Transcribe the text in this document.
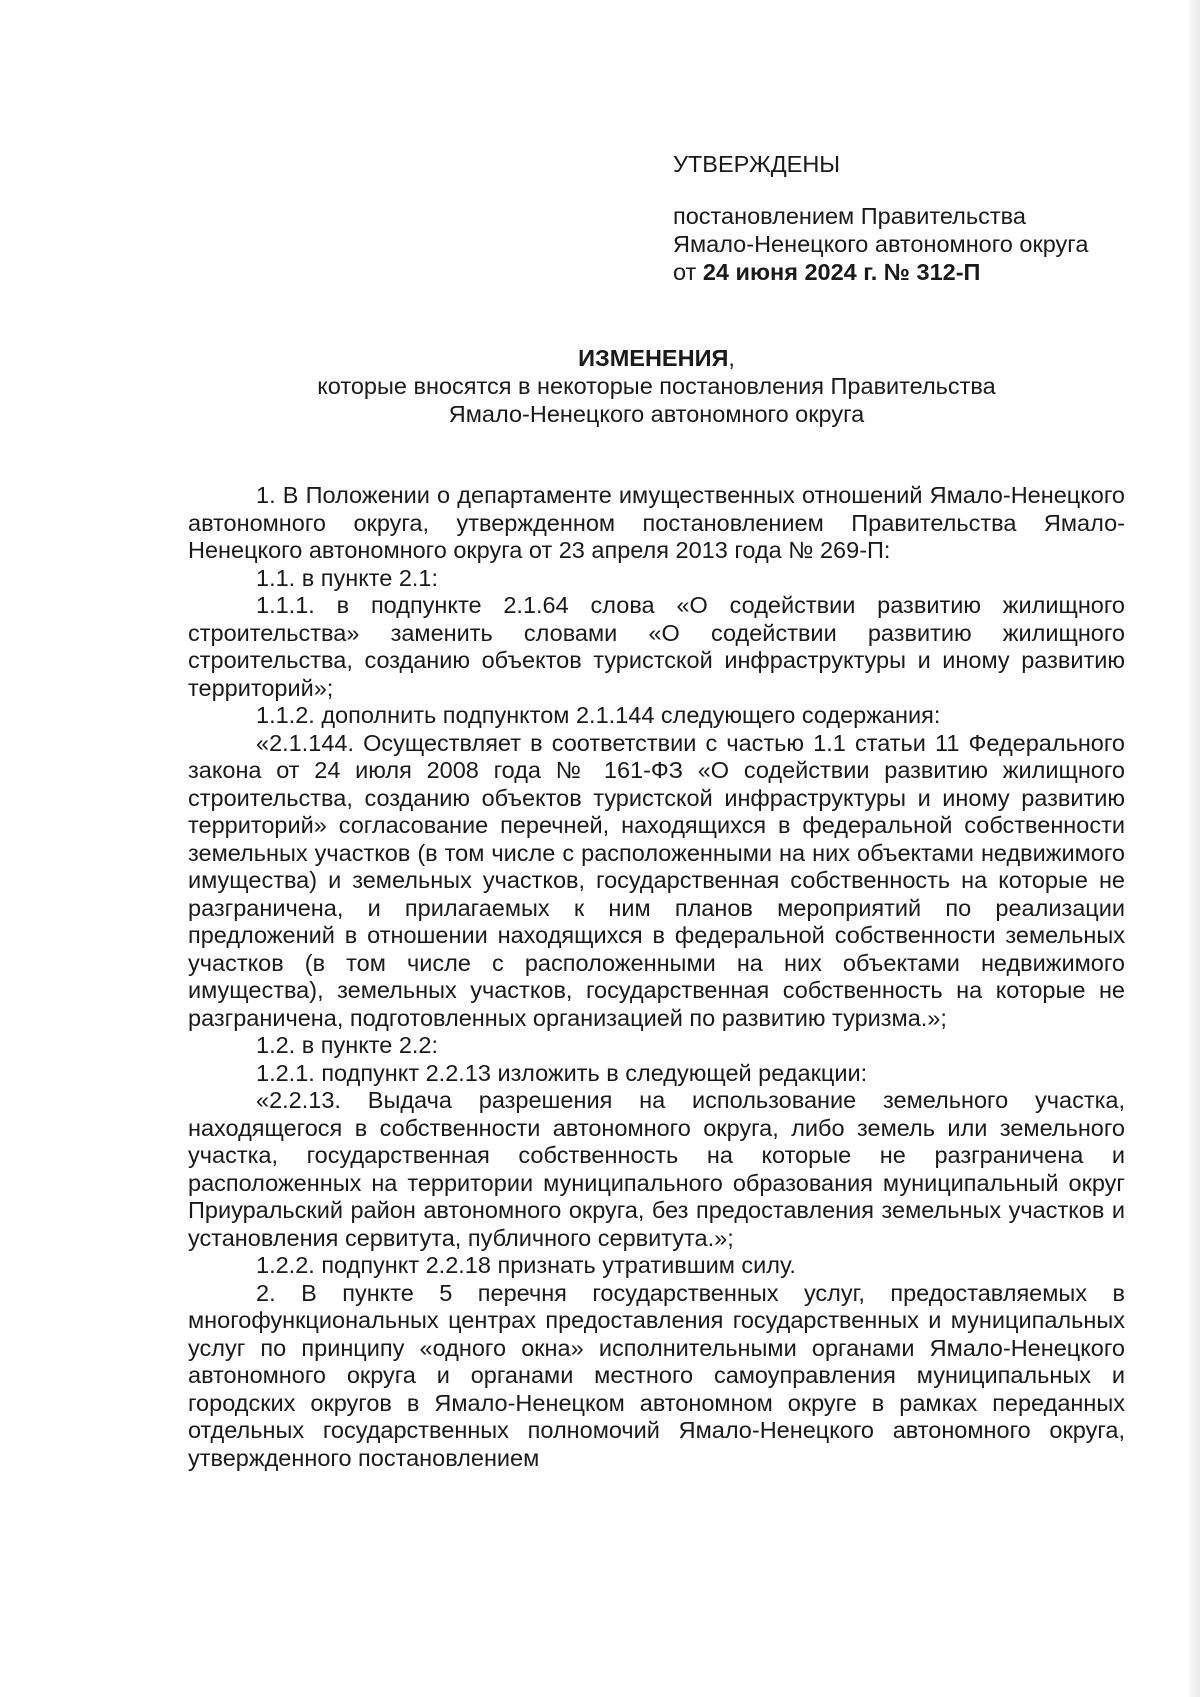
УТВЕРЖДЕНЫ
постановлением Правительства
Ямало-Ненецкого автономного округа
от 24 июня 2024 г. № 312-П
ИЗМЕНЕНИЯ,
которые вносятся в некоторые постановления Правительства
Ямало-Ненецкого автономного округа

1. В Положении о департаменте имущественных отношений Ямало-Ненецкого автономного округа, утвержденном постановлением Правительства Ямало-Ненецкого автономного округа от 23 апреля 2013 года № 269-П:

1.1. в пункте 2.1:

1.1.1. в подпункте 2.1.64 слова «О содействии развитию жилищного строительства» заменить словами «О содействии развитию жилищного строительства, созданию объектов туристской инфраструктуры и иному развитию территорий»;

1.1.2. дополнить подпунктом 2.1.144 следующего содержания:

«2.1.144. Осуществляет в соответствии с частью 1.1 статьи 11 Федерального закона от 24 июля 2008 года № 161-ФЗ «О содействии развитию жилищного строительства, созданию объектов туристской инфраструктуры и иному развитию территорий» согласование перечней, находящихся в федеральной собственности земельных участков (в том числе с расположенными на них объектами недвижимого имущества) и земельных участков, государственная собственность на которые не разграничена, и прилагаемых к ним планов мероприятий по реализации предложений в отношении находящихся в федеральной собственности земельных участков (в том числе с расположенными на них объектами недвижимого имущества), земельных участков, государственная собственность на которые не разграничена, подготовленных организацией по развитию туризма.»;

1.2. в пункте 2.2:

1.2.1. подпункт 2.2.13 изложить в следующей редакции:

«2.2.13. Выдача разрешения на использование земельного участка, находящегося в собственности автономного округа, либо земель или земельного участка, государственная собственность на которые не разграничена и расположенных на территории муниципального образования муниципальный округ Приуральский район автономного округа, без предоставления земельных участков и установления сервитута, публичного сервитута.»;

1.2.2. подпункт 2.2.18 признать утратившим силу.

2. В пункте 5 перечня государственных услуг, предоставляемых в многофункциональных центрах предоставления государственных и муниципальных услуг по принципу «одного окна» исполнительными органами Ямало-Ненецкого автономного округа и органами местного самоуправления муниципальных и городских округов в Ямало-Ненецком автономном округе в рамках переданных отдельных государственных полномочий Ямало-Ненецкого автономного округа, утвержденного постановлением
